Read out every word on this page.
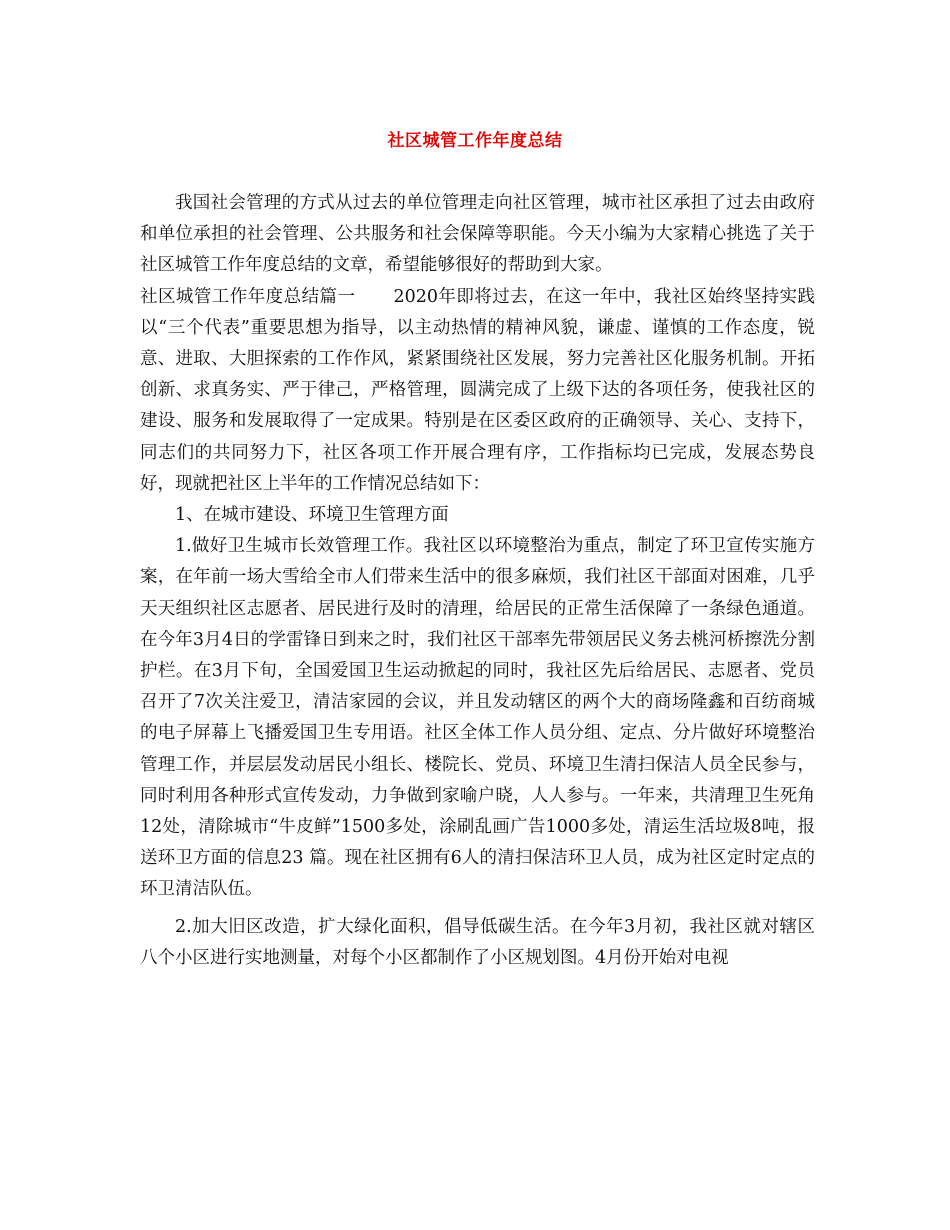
社区城管工作年度总结

我国社会管理的方式从过去的单位管理走向社区管理，城市社区承担了过去由政府和单位承担的社会管理、公共服务和社会保障等职能。今天小编为大家精心挑选了关于社区城管工作年度总结的文章，希望能够很好的帮助到大家。

社区城管工作年度总结篇一 2020年即将过去，在这一年中，我社区始终坚持实践以“三个代表”重要思想为指导，以主动热情的精神风貌，谦虚、谨慎的工作态度，锐意、进取、大胆探索的工作作风，紧紧围绕社区发展，努力完善社区化服务机制。开拓创新、求真务实、严于律己，严格管理，圆满完成了上级下达的各项任务，使我社区的建设、服务和发展取得了一定成果。特别是在区委区政府的正确领导、关心、支持下，同志们的共同努力下，社区各项工作开展合理有序，工作指标均已完成，发展态势良好，现就把社区上半年的工作情况总结如下：

1、在城市建设、环境卫生管理方面

1.做好卫生城市长效管理工作。我社区以环境整治为重点，制定了环卫宣传实施方案，在年前一场大雪给全市人们带来生活中的很多麻烦，我们社区干部面对困难，几乎天天组织社区志愿者、居民进行及时的清理，给居民的正常生活保障了一条绿色通道。在今年3月4日的学雷锋日到来之时，我们社区干部率先带领居民义务去桃河桥擦洗分割护栏。在3月下旬，全国爱国卫生运动掀起的同时，我社区先后给居民、志愿者、党员召开了7次关注爱卫，清洁家园的会议，并且发动辖区的两个大的商场隆鑫和百纺商城的电子屏幕上飞播爱国卫生专用语。社区全体工作人员分组、定点、分片做好环境整治管理工作，并层层发动居民小组长、楼院长、党员、环境卫生清扫保洁人员全民参与，同时利用各种形式宣传发动，力争做到家喻户晓，人人参与。一年来，共清理卫生死角12处，清除城市“牛皮鲜”1500多处，涂刷乱画广告1000多处，清运生活垃圾8吨，报送环卫方面的信息23 篇。现在社区拥有6人的清扫保洁环卫人员，成为社区定时定点的环卫清洁队伍。

2.加大旧区改造，扩大绿化面积，倡导低碳生活。在今年3月初，我社区就对辖区八个小区进行实地测量，对每个小区都制作了小区规划图。4月份开始对电视
